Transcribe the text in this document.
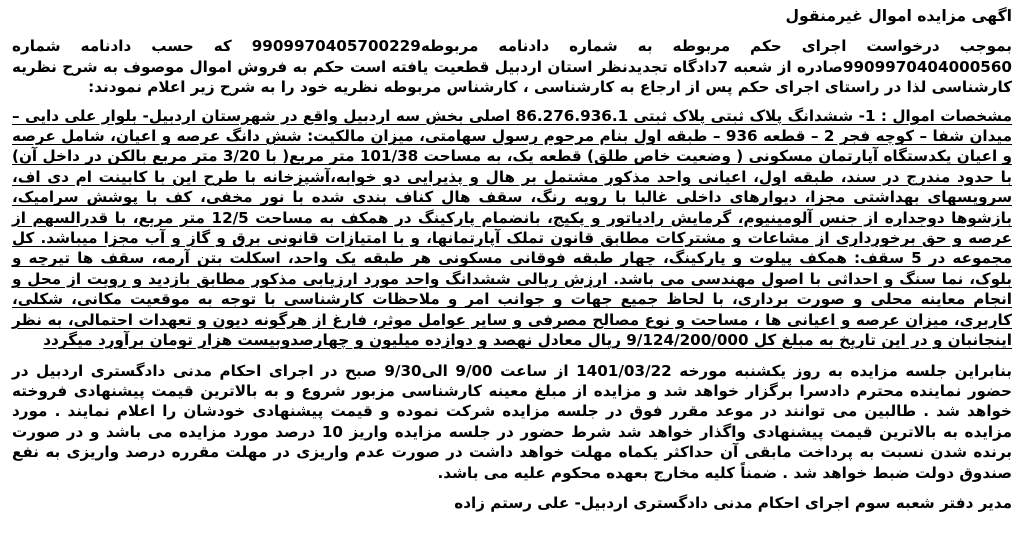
اگهی مزایده اموال غیرمنقول

بموجب درخواست اجرای حکم مربوطه به شماره دادنامه مربوطه9909970405700229 که حسب دادنامه شماره 9909970404000560صادره از شعبه 7دادگاه تجدیدنظر استان اردبیل قطعیت یافته است حکم به فروش اموال موصوف به شرح نظریه کارشناسی لذا در راستای اجرای حکم پس از ارجاع به کارشناسی ، کارشناس مربوطه نظریه خود را به شرح زیر اعلام نمودند:

مشخصات اموال : 1- ششدانگ پلاک ثبتی پلاک ثبتی 86.276.936.1 اصلی بخش سه اردبیل واقع در شهرستان اردبیل- بلوار علی دایی – میدان شفا – کوچه فجر 2 – قطعه 936 – طبقه اول بنام مرحوم رسول سهامتی، میزان مالکیت: شش دانگ عرصه و اعیان، شامل عرصه و اعیان یکدستگاه آپارتمان مسکونی ( وضعیت خاص طلق) قطعه یک، به مساحت 101/38 متر مربع( با 3/20 متر مربع بالکن در داخل آن) با حدود مندرج در سند، طبقه اول، اعیانی واحد مذکور مشتمل بر هال و پذیرایی دو خوابه،آشپزخانه با طرح این با کابینت ام دی اف، سرویسهای بهداشتی مجزا، دیوارهای داخلی غالبا با رویه رنگ، سقف هال کناف بندی شده با نور مخفی، کف با پوشش سرامیک، بازشوها دوجداره از جنس آلومینیوم، گرمایش رادیاتور و پکیج، بانضمام پارکینگ در همکف به مساحت 12/5 متر مربع، با قدرالسهم از عرصه و حق برخورداری از مشاعات و مشترکات مطابق قانون تملک آپارتمانها، و با امتیازات قانونی برق و گاز و آب مجزا میباشد. کل مجموعه در 5 سقف: همکف پیلوت و پارکینگ، چهار طبقه فوقانی مسکونی هر طبقه یک واحد، اسکلت بتن آرمه، سقف ها تیرچه و بلوک، نما سنگ و احداثی با اصول مهندسی می باشد. ارزش ریالی ششدانگ واحد مورد ارزیابی مذکور مطابق بازدید و رویت از محل و انجام معاینه محلی و صورت برداری، با لحاظ جمیع جهات و جوانب امر و ملاحظات کارشناسی با توجه به موقعیت مکانی، شکلی، کاربری، میزان عرصه و اعیانی ها ، مساحت و نوع مصالح مصرفی و سایر عوامل موثر، فارغ از هرگونه دیون و تعهدات احتمالی، به نظر اینجانبان و در این تاریخ به مبلغ کل 9/124/200/000 ریال معادل نهصد و دوازده میلیون و چهارصدوبیست هزار تومان برآورد میگردد

بنابراین جلسه مزایده به روز یکشنبه مورخه 1401/03/22 از ساعت 9/00 الی9/30 صبح در اجرای احکام مدنی دادگستری اردبیل در حضور نماینده محترم دادسرا برگزار خواهد شد و مزایده از مبلغ معینه کارشناسی مزبور شروع و به بالاترین قیمت پیشنهادی فروخته خواهد شد . طالبین می توانند در موعد مقرر فوق در جلسه مزایده شرکت نموده و قیمت پیشنهادی خودشان را اعلام نمایند . مورد مزایده به بالاترین قیمت پیشنهادی واگذار خواهد شد شرط حضور در جلسه مزایده واریز 10 درصد مورد مزایده می باشد و در صورت برنده شدن نسبت به پرداخت مابقی آن حداکثر یکماه مهلت خواهد داشت در صورت عدم واریزی در مهلت مقرره درصد واریزی به نفع صندوق دولت ضبط خواهد شد . ضمناً کلیه مخارج بعهده محکوم علیه می باشد.

مدیر دفتر شعبه سوم اجرای احکام مدنی دادگستری اردبیل- علی رستم زاده
